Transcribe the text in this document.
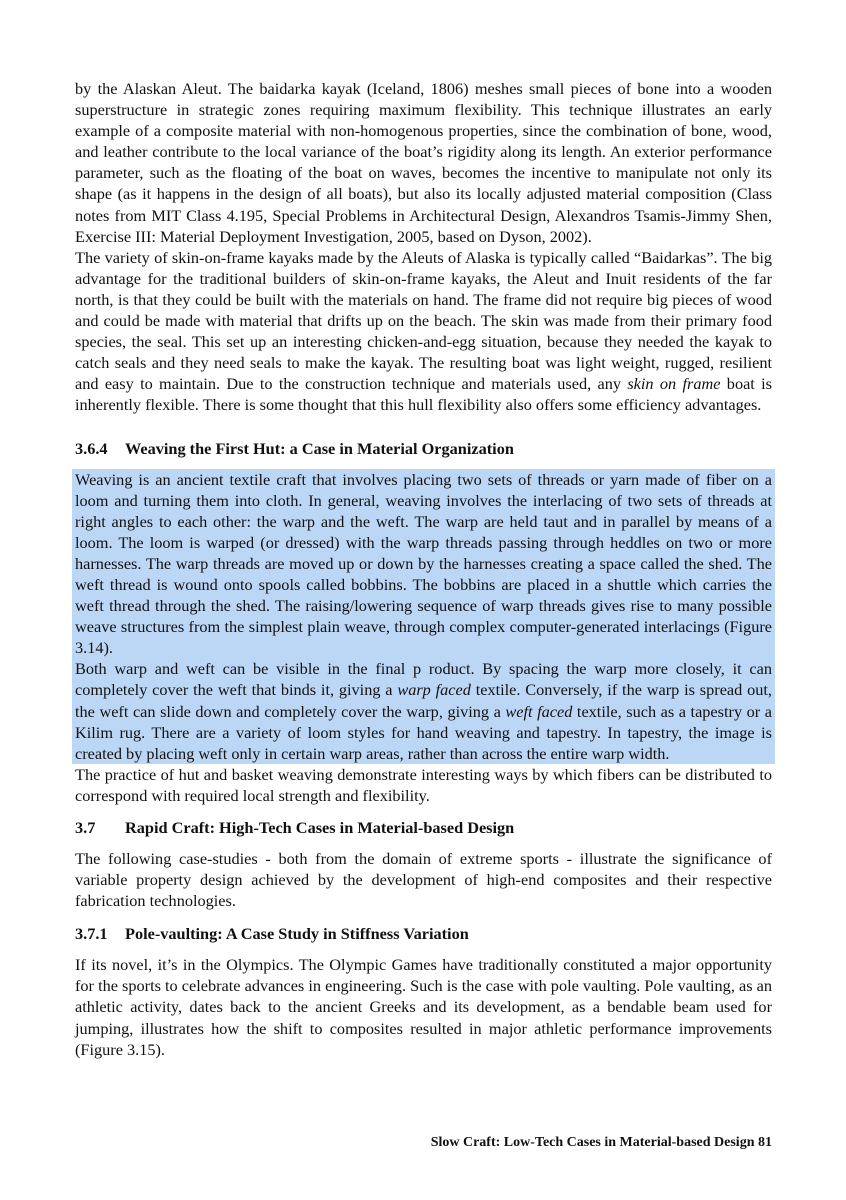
by the Alaskan Aleut. The baidarka kayak (Iceland, 1806) meshes small pieces of bone into a wooden superstructure in strategic zones requiring maximum flexibility. This technique illustrates an early example of a composite material with non-homogenous properties, since the combination of bone, wood, and leather contribute to the local variance of the boat’s rigidity along its length. An exterior performance parameter, such as the floating of the boat on waves, becomes the incentive to manipulate not only its shape (as it happens in the design of all boats), but also its locally adjusted material composition (Class notes from MIT Class 4.195, Special Problems in Architectural Design, Alexandros Tsamis-Jimmy Shen, Exercise III: Material Deployment Investigation, 2005, based on Dyson, 2002).

The variety of skin-on-frame kayaks made by the Aleuts of Alaska is typically called “Baidarkas”. The big advantage for the traditional builders of skin-on-frame kayaks, the Aleut and Inuit residents of the far north, is that they could be built with the materials on hand. The frame did not require big pieces of wood and could be made with material that drifts up on the beach. The skin was made from their primary food species, the seal. This set up an interesting chicken-and-egg situation, because they needed the kayak to catch seals and they need seals to make the kayak. The resulting boat was light weight, rugged, resilient and easy to maintain. Due to the construction technique and materials used, any skin on frame boat is inherently flexible. There is some thought that this hull flexibility also offers some efficiency advantages.

3.6.4 Weaving the First Hut: a Case in Material Organization

Weaving is an ancient textile craft that involves placing two sets of threads or yarn made of fiber on a loom and turning them into cloth. In general, weaving involves the interlacing of two sets of threads at right angles to each other: the warp and the weft. The warp are held taut and in parallel by means of a loom. The loom is warped (or dressed) with the warp threads passing through heddles on two or more harnesses. The warp threads are moved up or down by the harnesses creating a space called the shed. The weft thread is wound onto spools called bobbins. The bobbins are placed in a shuttle which carries the weft thread through the shed. The raising/lowering sequence of warp threads gives rise to many possible weave structures from the simplest plain weave, through complex computer-generated interlacings (Figure 3.14).

Both warp and weft can be visible in the final p roduct. By spacing the warp more closely, it can completely cover the weft that binds it, giving a warp faced textile. Conversely, if the warp is spread out, the weft can slide down and completely cover the warp, giving a weft faced textile, such as a tapestry or a Kilim rug. There are a variety of loom styles for hand weaving and tapestry. In tapestry, the image is created by placing weft only in certain warp areas, rather than across the entire warp width.

The practice of hut and basket weaving demonstrate interesting ways by which fibers can be distributed to correspond with required local strength and flexibility.

3.7 Rapid Craft: High-Tech Cases in Material-based Design

The following case-studies - both from the domain of extreme sports - illustrate the significance of variable property design achieved by the development of high-end composites and their respective fabrication technologies.

3.7.1 Pole-vaulting: A Case Study in Stiffness Variation

If its novel, it’s in the Olympics. The Olympic Games have traditionally constituted a major opportunity for the sports to celebrate advances in engineering. Such is the case with pole vaulting. Pole vaulting, as an athletic activity, dates back to the ancient Greeks and its development, as a bendable beam used for jumping, illustrates how the shift to composites resulted in major athletic performance improvements (Figure 3.15).

Slow Craft: Low-Tech Cases in Material-based Design 81
